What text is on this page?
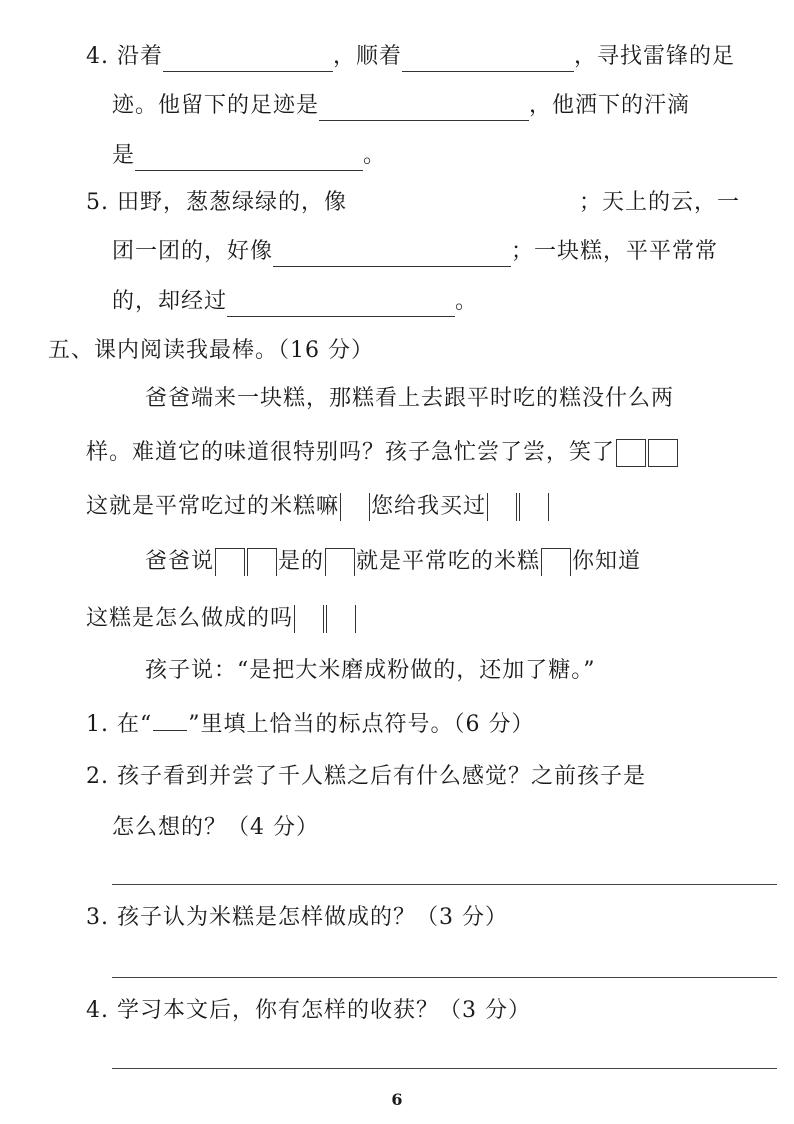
4. 沿着	，顺着	，寻找雷锋的足
迹。他留下的足迹是	，他洒下的汗滴
是	。
5. 田野，葱葱绿绿的，像	；天上的云，一
团一团的，好像	；一块糕，平平常常
的，却经过	。
五、课内阅读我最棒。（16 分）
爸爸端来一块糕，那糕看上去跟平时吃的糕没什么两
样。难道它的味道很特别吗？孩子急忙尝了尝，笑了
这就是平常吃过的米糕嘛 您给我买过
爸爸说	是的 就是平常吃的米糕 你知道
这糕是怎么做成的吗
孩子说：“是把大米磨成粉做的，还加了糖。”
1. 在“ ”里填上恰当的标点符号。（6 分）
2. 孩子看到并尝了千人糕之后有什么感觉？之前孩子是
怎么想的？（4 分）
3. 孩子认为米糕是怎样做成的？（3 分）
4. 学习本文后，你有怎样的收获？（3 分）
6
